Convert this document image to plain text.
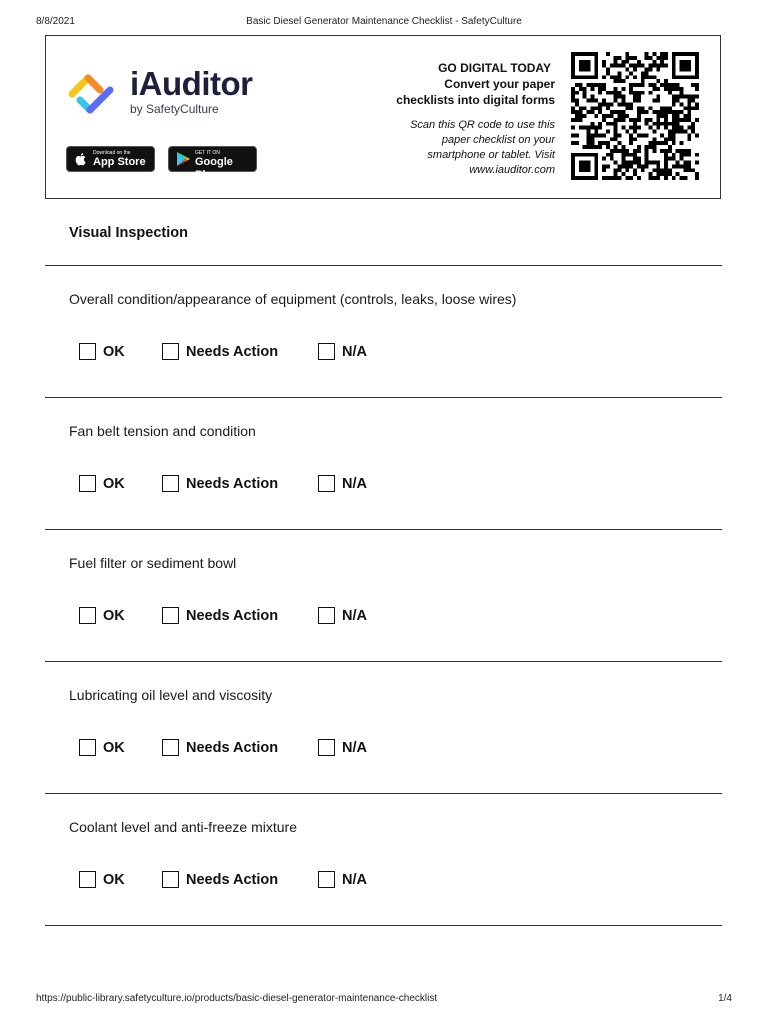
8/8/2021	Basic Diesel Generator Maintenance Checklist - SafetyCulture
iAuditor
by SafetyCulture
Download on the
App Store
GET IT ON
Google Play
GO DIGITAL TODAY
Convert your paper
checklists into digital forms
Scan this QR code to use this
paper checklist on your
smartphone or tablet. Visit
www.iauditor.com
Visual Inspection
Overall condition/appearance of equipment (controls, leaks, loose wires)
OK	Needs Action	N/A
Fan belt tension and condition
OK	Needs Action	N/A
Fuel filter or sediment bowl
OK	Needs Action	N/A
Lubricating oil level and viscosity
OK	Needs Action	N/A
Coolant level and anti-freeze mixture
OK	Needs Action	N/A
https://public-library.safetyculture.io/products/basic-diesel-generator-maintenance-checklist	1/4
